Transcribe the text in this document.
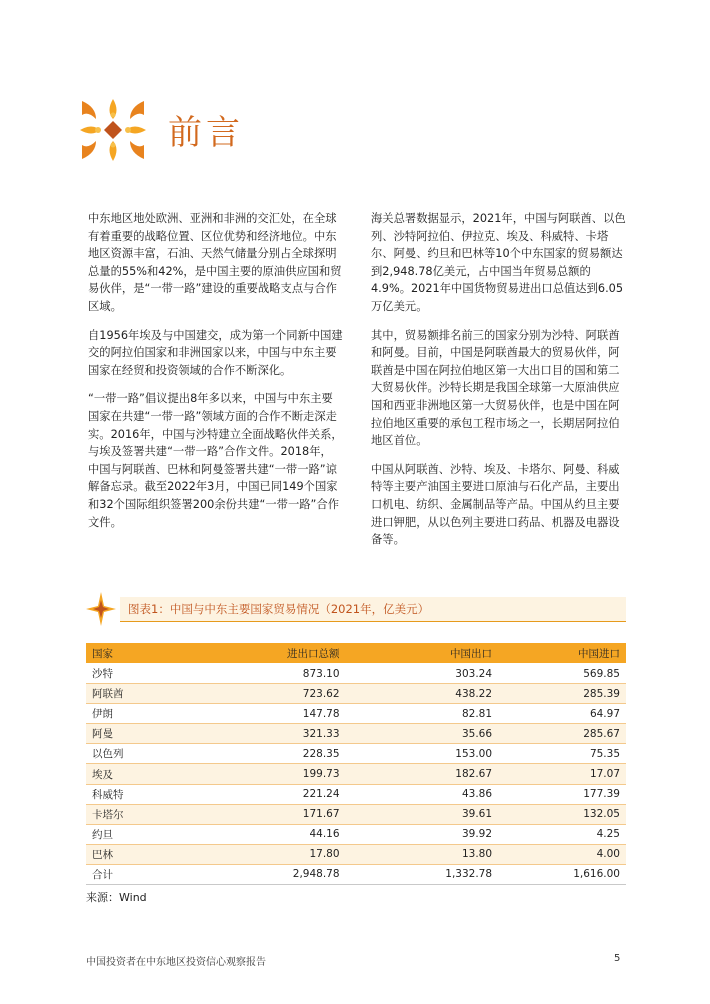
前言

中东地区地处欧洲、亚洲和非洲的交汇处，在全球有着重要的战略位置、区位优势和经济地位。中东地区资源丰富，石油、天然气储量分别占全球探明总量的55%和42%，是中国主要的原油供应国和贸易伙伴，是“一带一路”建设的重要战略支点与合作区域。

自1956年埃及与中国建交，成为第一个同新中国建交的阿拉伯国家和非洲国家以来，中国与中东主要国家在经贸和投资领域的合作不断深化。

“一带一路”倡议提出8年多以来，中国与中东主要国家在共建“一带一路”领域方面的合作不断走深走实。2016年，中国与沙特建立全面战略伙伴关系，与埃及签署共建“一带一路”合作文件。2018年，中国与阿联酋、巴林和阿曼签署共建“一带一路”谅解备忘录。截至2022年3月，中国已同149个国家和32个国际组织签署200余份共建“一带一路”合作文件。

海关总署数据显示，2021年，中国与阿联酋、以色列、沙特阿拉伯、伊拉克、埃及、科威特、卡塔尔、阿曼、约旦和巴林等10个中东国家的贸易额达到2,948.78亿美元，占中国当年贸易总额的4.9%。2021年中国货物贸易进出口总值达到6.05万亿美元。

其中，贸易额排名前三的国家分别为沙特、阿联酋和阿曼。目前，中国是阿联酋最大的贸易伙伴，阿联酋是中国在阿拉伯地区第一大出口目的国和第二大贸易伙伴。沙特长期是我国全球第一大原油供应国和西亚非洲地区第一大贸易伙伴，也是中国在阿拉伯地区重要的承包工程市场之一，长期居阿拉伯地区首位。

中国从阿联酋、沙特、埃及、卡塔尔、阿曼、科威特等主要产油国主要进口原油与石化产品，主要出口机电、纺织、金属制品等产品。中国从约旦主要进口钾肥，从以色列主要进口药品、机器及电器设备等。

图表1：中国与中东主要国家贸易情况（2021年，亿美元）
国家	进出口总额	中国出口	中国进口
沙特	873.10	303.24	569.85
阿联酋	723.62	438.22	285.39
伊朗	147.78	82.81	64.97
阿曼	321.33	35.66	285.67
以色列	228.35	153.00	75.35
埃及	199.73	182.67	17.07
科威特	221.24	43.86	177.39
卡塔尔	171.67	39.61	132.05
约旦	44.16	39.92	4.25
巴林	17.80	13.80	4.00
合计	2,948.78	1,332.78	1,616.00
来源：Wind
中国投资者在中东地区投资信心观察报告	5
